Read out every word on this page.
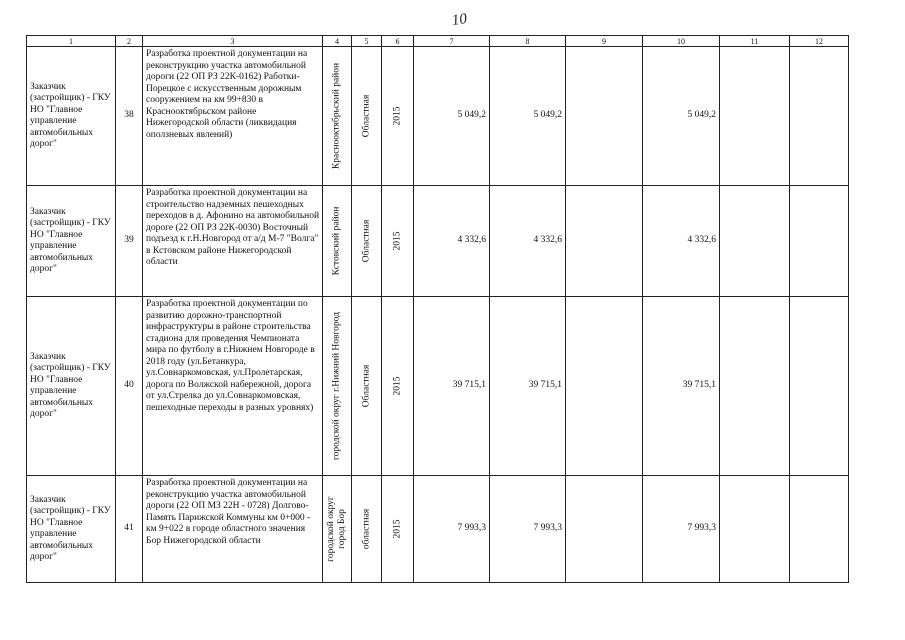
10
1	2	3	4	5	6	7	8	9	10	11	12
Заказчик (застройщик) - ГКУ НО "Главное управление автомобильных дорог"	38	Разработка проектной документации на реконструкцию участка автомобильной дороги (22 ОП РЗ 22К-0162) Работки-Порецкое с искусственным дорожным сооружением на км 99+830 в Краснооктябрьском районе Нижегородской области (ликвидация оползневых явлений)	Краснооктябрьский район	Областная	2015	5 049,2	5 049,2		5 049,2		
Заказчик (застройщик) - ГКУ НО "Главное управление автомобильных дорог"	39	Разработка проектной документации на строительство надземных пешеходных переходов в д. Афонино на автомобильной дороге (22 ОП РЗ 22К-0030) Восточный подъезд к г.Н.Новгород от а/д М-7 "Волга" в Кстовском районе Нижегородской области	Кстовский район	Областная	2015	4 332,6	4 332,6		4 332,6		
Заказчик (застройщик) - ГКУ НО "Главное управление автомобильных дорог"	40	Разработка проектной документации по развитию дорожно-транспортной инфраструктуры в районе строительства стадиона для проведения Чемпионата мира по футболу в г.Нижнем Новгороде в 2018 году (ул.Бетанкура, ул.Совнаркомовская, ул.Пролетарская, дорога по Волжской набережной, дорога от ул.Стрелка до ул.Совнаркомовская, пешеходные переходы в разных уровнях)	городской округ г.Нижний Новгород	Областная	2015	39 715,1	39 715,1		39 715,1		
Заказчик (застройщик) - ГКУ НО "Главное управление автомобильных дорог"	41	Разработка проектной документации на реконструкцию участка автомобильной дороги (22 ОП МЗ 22Н - 0728) Долгово-Память Парижской Коммуны км 0+000 - км 9+022 в городе областного значения Бор Нижегородской области	городской округ город Бор	областная	2015	7 993,3	7 993,3		7 993,3		
